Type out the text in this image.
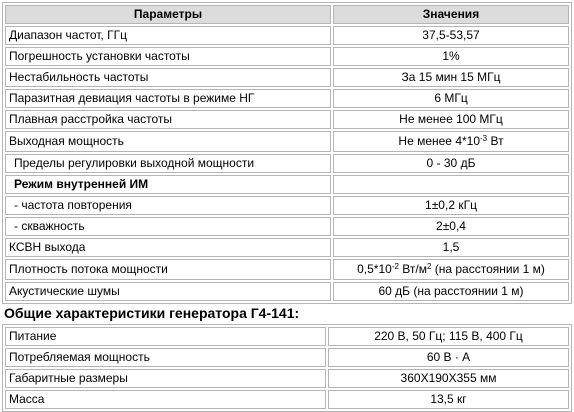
Параметры	Значения
Диапазон частот, ГГц	37,5-53,57
Погрешность установки частоты	1%
Нестабильность частоты	За 15 мин 15 МГц
Паразитная девиация частоты в режиме НГ	6 МГц
Плавная расстройка частоты	Не менее 100 МГц
Выходная мощность	Не менее $4*10^{-3}$ Вт
Пределы регулировки выходной мощности	0 - 30 дБ
Режим внутренней ИМ	
- частота повторения	1±0,2 кГц
- скважность	2±0,4
КСВН выхода	1,5
Плотность потока мощности	$0,5*10^{-2}$ $Вт/м^2$ (на расстоянии 1 м)
Акустические шумы	60 дБ (на расстоянии 1 м)
Общие характеристики генератора Г4-141:
Питание	220 В, 50 Гц; 115 В, 400 Гц
Потребляемая мощность	60 В · А
Габаритные размеры	360Х190Х355 мм
Масса	13,5 кг
